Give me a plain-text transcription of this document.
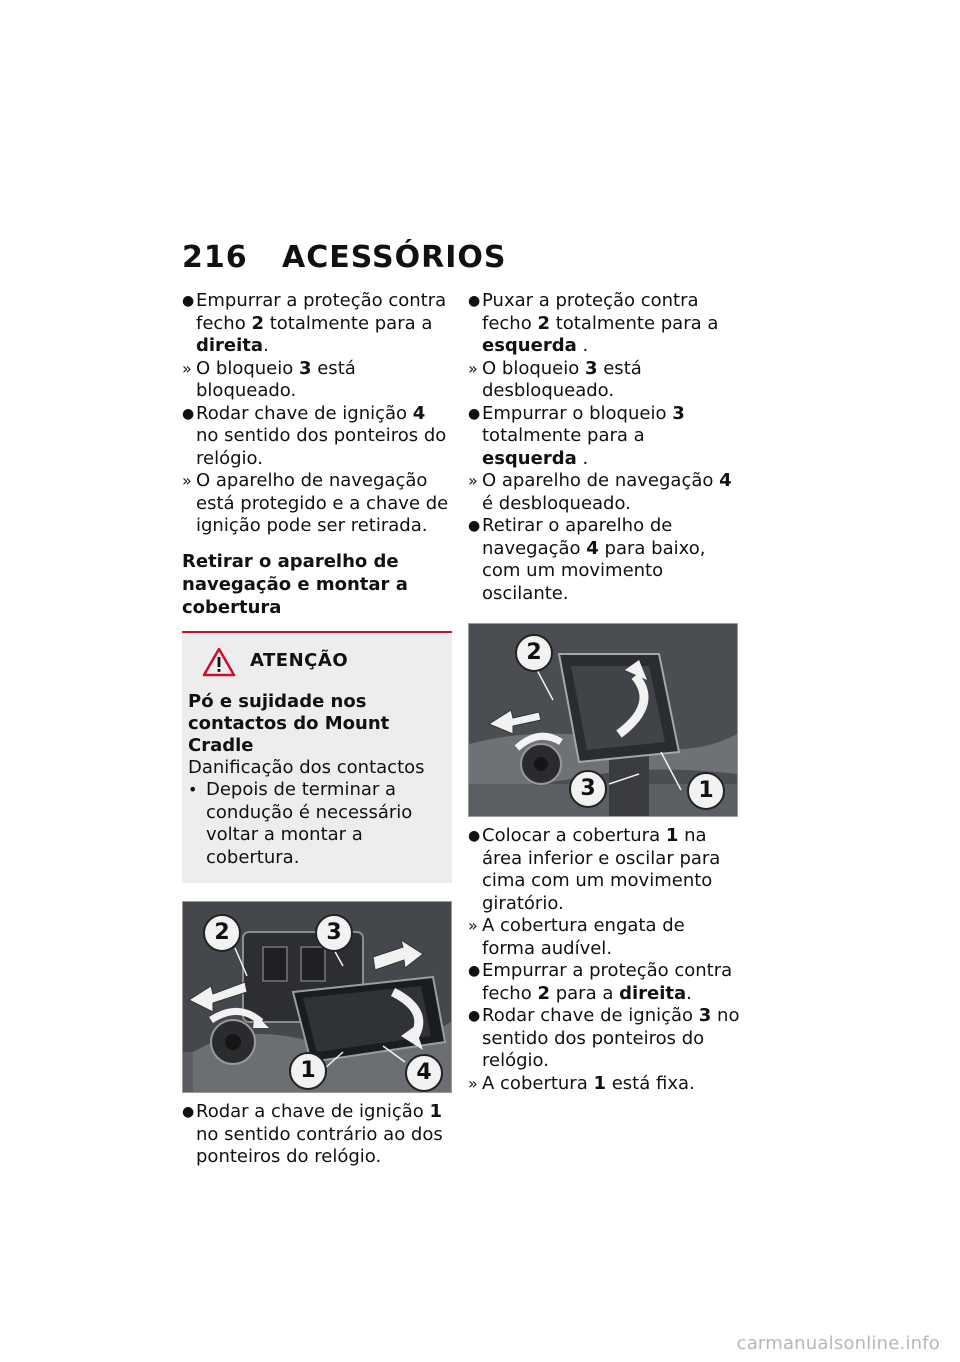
216	ACESSÓRIOS
● Empurrar a proteção contra fecho 2 totalmente para a direita.
» O bloqueio 3 está bloqueado.
● Rodar chave de ignição 4 no sentido dos ponteiros do relógio.
» O aparelho de navegação está protegido e a chave de ignição pode ser retirada.
Retirar o aparelho de navegação e montar a cobertura
ATENÇÃO
Pó e sujidade nos contactos do Mount Cradle
Danificação dos contactos
• Depois de terminar a condução é necessário voltar a montar a cobertura.
2	3
1	4
● Rodar a chave de ignição 1 no sentido contrário ao dos ponteiros do relógio.
● Puxar a proteção contra fecho 2 totalmente para a esquerda .
» O bloqueio 3 está desbloqueado.
● Empurrar o bloqueio 3 totalmente para a esquerda .
» O aparelho de navegação 4 é desbloqueado.
● Retirar o aparelho de navegação 4 para baixo, com um movimento oscilante.
2
3	1
● Colocar a cobertura 1 na área inferior e oscilar para cima com um movimento giratório.
» A cobertura engata de forma audível.
● Empurrar a proteção contra fecho 2 para a direita.
● Rodar chave de ignição 3 no sentido dos ponteiros do relógio.
» A cobertura 1 está fixa.
carmanualsonline.info
